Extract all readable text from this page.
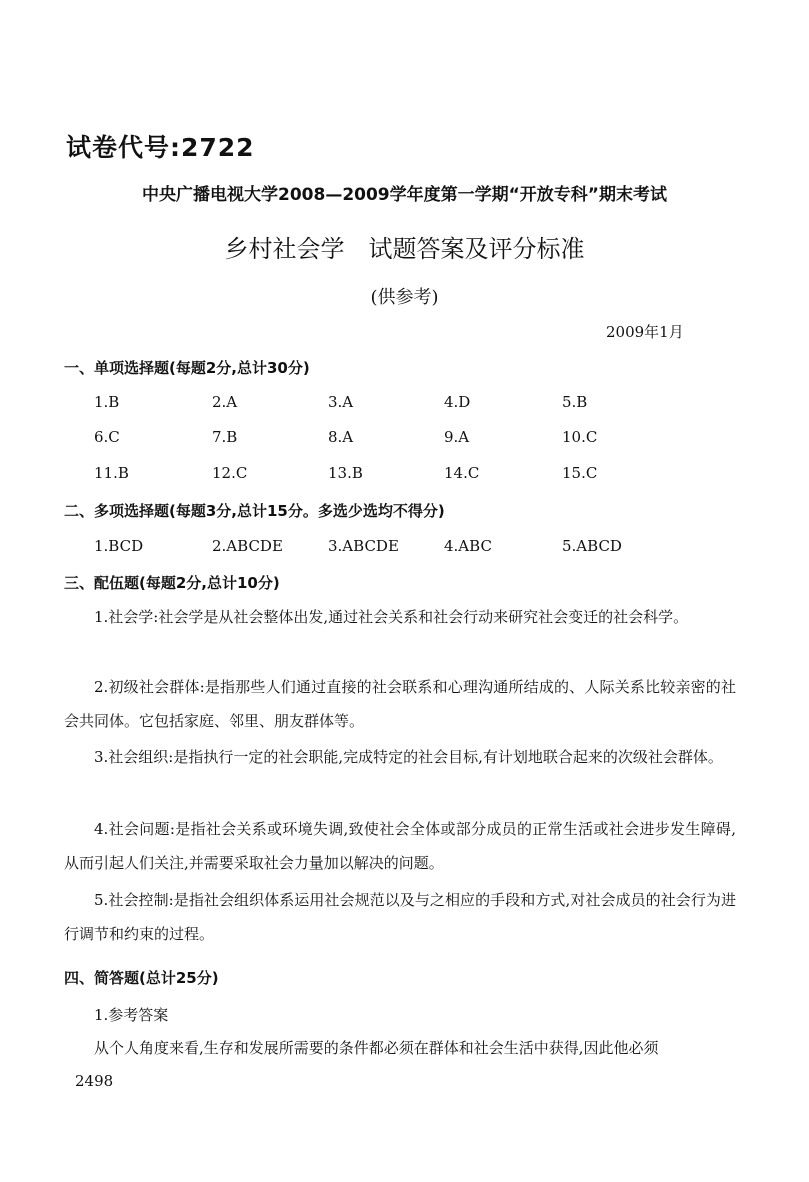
试卷代号:2722
中央广播电视大学2008—2009学年度第一学期“开放专科”期末考试
乡村社会学　试题答案及评分标准
(供参考)
2009年1月
一、单项选择题(每题2分,总计30分)
1.B	2.A	3.A	4.D	5.B
6.C	7.B	8.A	9.A	10.C
11.B	12.C	13.B	14.C	15.C
二、多项选择题(每题3分,总计15分。多选少选均不得分)
1.BCD	2.ABCDE	3.ABCDE	4.ABC	5.ABCD
三、配伍题(每题2分,总计10分)

1.社会学:社会学是从社会整体出发,通过社会关系和社会行动来研究社会变迁的社会科学。

2.初级社会群体:是指那些人们通过直接的社会联系和心理沟通所结成的、人际关系比较亲密的社会共同体。它包括家庭、邻里、朋友群体等。

3.社会组织:是指执行一定的社会职能,完成特定的社会目标,有计划地联合起来的次级社会群体。

4.社会问题:是指社会关系或环境失调,致使社会全体或部分成员的正常生活或社会进步发生障碍,从而引起人们关注,并需要采取社会力量加以解决的问题。

5.社会控制:是指社会组织体系运用社会规范以及与之相应的手段和方式,对社会成员的社会行为进行调节和约束的过程。

四、简答题(总计25分)
1.参考答案

从个人角度来看,生存和发展所需要的条件都必须在群体和社会生活中获得,因此他必须

2498
